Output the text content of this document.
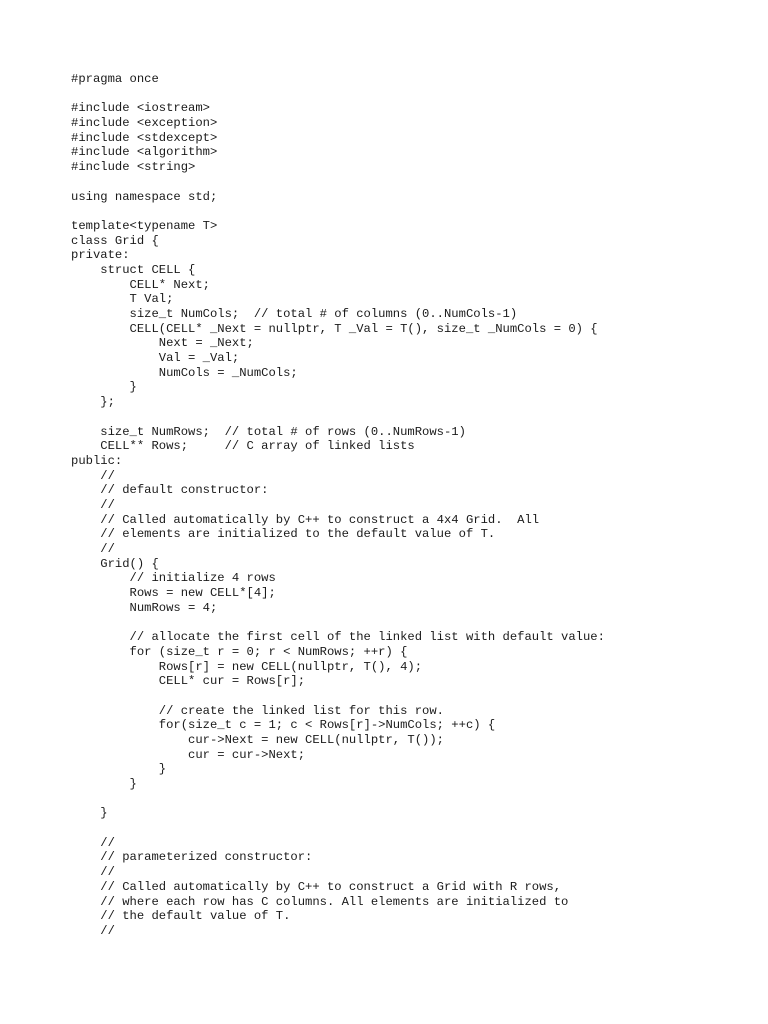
#pragma once
#include <iostream>
#include <exception>
#include <stdexcept>
#include <algorithm>
#include <string>
using namespace std;
template<typename T>
class Grid {
private:
struct CELL {
CELL* Next;
T Val;
size_t NumCols;  // total # of columns (0..NumCols-1)
CELL(CELL* _Next = nullptr, T _Val = T(), size_t _NumCols = 0) {
Next = _Next;
Val = _Val;
NumCols = _NumCols;
}
};
size_t NumRows;  // total # of rows (0..NumRows-1)
CELL** Rows;     // C array of linked lists
public:
//
// default constructor:
//
// Called automatically by C++ to construct a 4x4 Grid.  All
// elements are initialized to the default value of T.
//
Grid() {
// initialize 4 rows
Rows = new CELL*[4];
NumRows = 4;
// allocate the first cell of the linked list with default value:
for (size_t r = 0; r < NumRows; ++r) {
Rows[r] = new CELL(nullptr, T(), 4);
CELL* cur = Rows[r];
// create the linked list for this row.
for(size_t c = 1; c < Rows[r]->NumCols; ++c) {
cur->Next = new CELL(nullptr, T());
cur = cur->Next;
}
}
}
//
// parameterized constructor:
//
// Called automatically by C++ to construct a Grid with R rows,
// where each row has C columns. All elements are initialized to
// the default value of T.
//
